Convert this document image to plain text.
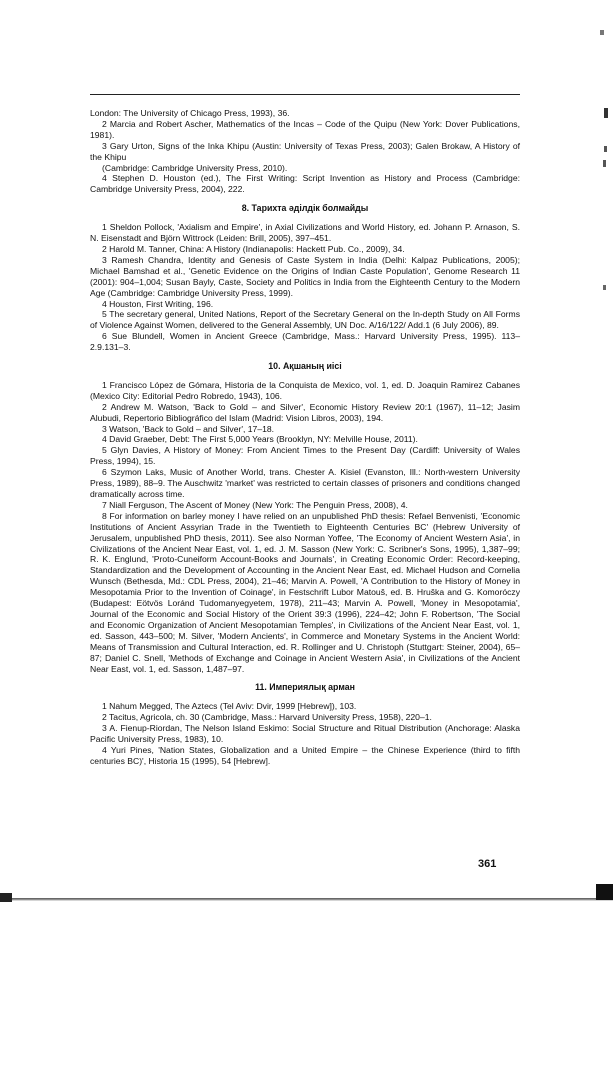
London: The University of Chicago Press, 1993), 36.

2 Marcia and Robert Ascher, Mathematics of the Incas – Code of the Quipu (New York: Dover Publications, 1981).

3 Gary Urton, Signs of the Inka Khipu (Austin: University of Texas Press, 2003); Galen Brokaw, A History of the Khipu

(Cambridge: Cambridge University Press, 2010).

4 Stephen D. Houston (ed.), The First Writing: Script Invention as History and Process (Cambridge: Cambridge University Press, 2004), 222.

8. Тарихта әділдік болмайды

1 Sheldon Pollock, 'Axialism and Empire', in Axial Civilizations and World History, ed. Johann P. Arnason, S. N. Eisenstadt and Björn Wittrock (Leiden: Brill, 2005), 397–451.

2 Harold M. Tanner, China: A History (Indianapolis: Hackett Pub. Co., 2009), 34.

3 Ramesh Chandra, Identity and Genesis of Caste System in India (Delhi: Kalpaz Publications, 2005); Michael Bamshad et al., 'Genetic Evidence on the Origins of Indian Caste Population', Genome Research 11 (2001): 904–1,004; Susan Bayly, Caste, Society and Politics in India from the Eighteenth Century to the Modern Age (Cambridge: Cambridge University Press, 1999).

4 Houston, First Writing, 196.

5 The secretary general, United Nations, Report of the Secretary General on the In-depth Study on All Forms of Violence Against Women, delivered to the General Assembly, UN Doc. A/16/122/ Add.1 (6 July 2006), 89.

6 Sue Blundell, Women in Ancient Greece (Cambridge, Mass.: Harvard University Press, 1995). 113–2.9.131–3.

10. Ақшаның иісі

1 Francisco López de Gómara, Historia de la Conquista de Mexico, vol. 1, ed. D. Joaquin Ramirez Cabanes (Mexico City: Editorial Pedro Robredo, 1943), 106.

2 Andrew M. Watson, 'Back to Gold – and Silver', Economic History Review 20:1 (1967), 11–12; Jasim Alubudi, Repertorio Bibliográfico del Islam (Madrid: Vision Libros, 2003), 194.

3 Watson, 'Back to Gold – and Silver', 17–18.

4 David Graeber, Debt: The First 5,000 Years (Brooklyn, NY: Melville House, 2011).

5 Glyn Davies, A History of Money: From Ancient Times to the Present Day (Cardiff: University of Wales Press, 1994), 15.

6 Szymon Laks, Music of Another World, trans. Chester A. Kisiel (Evanston, Ill.: North-western University Press, 1989), 88–9. The Auschwitz 'market' was restricted to certain classes of prisoners and conditions changed dramatically across time.

7 Niall Ferguson, The Ascent of Money (New York: The Penguin Press, 2008), 4.

8 For information on barley money I have relied on an unpublished PhD thesis: Refael Benvenisti, 'Economic Institutions of Ancient Assyrian Trade in the Twentieth to Eighteenth Centuries BC' (Hebrew University of Jerusalem, unpublished PhD thesis, 2011). See also Norman Yoffee, 'The Economy of Ancient Western Asia', in Civilizations of the Ancient Near East, vol. 1, ed. J. M. Sasson (New York: C. Scribner's Sons, 1995), 1,387–99; R. K. Englund, 'Proto-Cuneiform Account-Books and Journals', in Creating Economic Order: Record-keeping, Standardization and the Development of Accounting in the Ancient Near East, ed. Michael Hudson and Cornelia Wunsch (Bethesda, Md.: CDL Press, 2004), 21–46; Marvin A. Powell, 'A Contribution to the History of Money in Mesopotamia Prior to the Invention of Coinage', in Festschrift Lubor Matouš, ed. B. Hruška and G. Komoróczy (Budapest: Eötvös Loránd Tudomanyegyetem, 1978), 211–43; Marvin A. Powell, 'Money in Mesopotamia', Journal of the Economic and Social History of the Orient 39:3 (1996), 224–42; John F. Robertson, 'The Social and Economic Organization of Ancient Mesopotamian Temples', in Civilizations of the Ancient Near East, vol. 1, ed. Sasson, 443–500; M. Silver, 'Modern Ancients', in Commerce and Monetary Systems in the Ancient World: Means of Transmission and Cultural Interaction, ed. R. Rollinger and U. Christoph (Stuttgart: Steiner, 2004), 65–87; Daniel C. Snell, 'Methods of Exchange and Coinage in Ancient Western Asia', in Civilizations of the Ancient Near East, vol. 1, ed. Sasson, 1,487–97.

11. Империялық арман

1 Nahum Megged, The Aztecs (Tel Aviv: Dvir, 1999 [Hebrew]), 103.

2 Tacitus, Agricola, ch. 30 (Cambridge, Mass.: Harvard University Press, 1958), 220–1.

3 A. Fienup-Riordan, The Nelson Island Eskimo: Social Structure and Ritual Distribution (Anchorage: Alaska Pacific University Press, 1983), 10.

4 Yuri Pines, 'Nation States, Globalization and a United Empire – the Chinese Experience (third to fifth centuries BC)', Historia 15 (1995), 54 [Hebrew].

361
